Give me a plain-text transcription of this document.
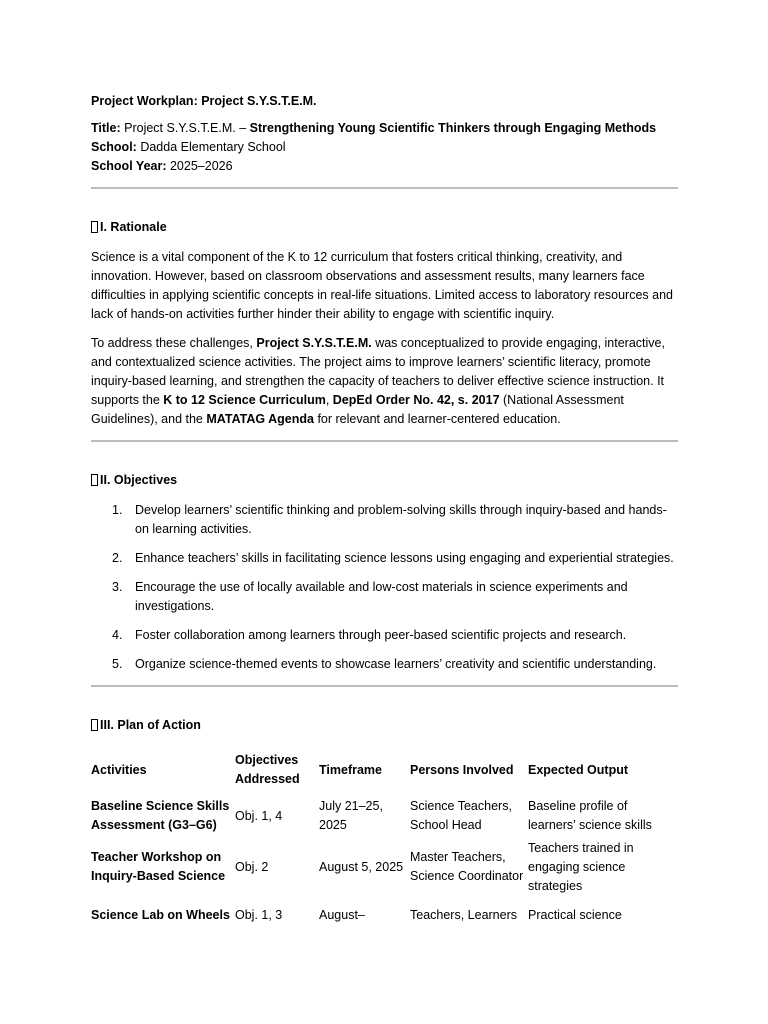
Project Workplan: Project S.Y.S.T.E.M.
Title: Project S.Y.S.T.E.M. – Strengthening Young Scientific Thinkers through Engaging Methods
School: Dadda Elementary School
School Year: 2025–2026
I. Rationale

Science is a vital component of the K to 12 curriculum that fosters critical thinking, creativity, and innovation. However, based on classroom observations and assessment results, many learners face difficulties in applying scientific concepts in real-life situations. Limited access to laboratory resources and lack of hands-on activities further hinder their ability to engage with scientific inquiry.

To address these challenges, Project S.Y.S.T.E.M. was conceptualized to provide engaging, interactive, and contextualized science activities. The project aims to improve learners’ scientific literacy, promote inquiry-based learning, and strengthen the capacity of teachers to deliver effective science instruction. It supports the K to 12 Science Curriculum, DepEd Order No. 42, s. 2017 (National Assessment Guidelines), and the MATATAG Agenda for relevant and learner-centered education.

II. Objectives
1. Develop learners’ scientific thinking and problem-solving skills through inquiry-based and hands-on learning activities.
2. Enhance teachers’ skills in facilitating science lessons using engaging and experiential strategies.
3. Encourage the use of locally available and low-cost materials in science experiments and investigations.
4. Foster collaboration among learners through peer-based scientific projects and research.
5. Organize science-themed events to showcase learners’ creativity and scientific understanding.
III. Plan of Action
Activities	Objectives Addressed	Timeframe	Persons Involved	Expected Output
Baseline Science Skills Assessment (G3–G6)	Obj. 1, 4	July 21–25, 2025	Science Teachers, School Head	Baseline profile of learners’ science skills
Teacher Workshop on Inquiry-Based Science	Obj. 2	August 5, 2025	Master Teachers, Science Coordinator	Teachers trained in engaging science strategies
Science Lab on Wheels	Obj. 1, 3	August–	Teachers, Learners	Practical science
